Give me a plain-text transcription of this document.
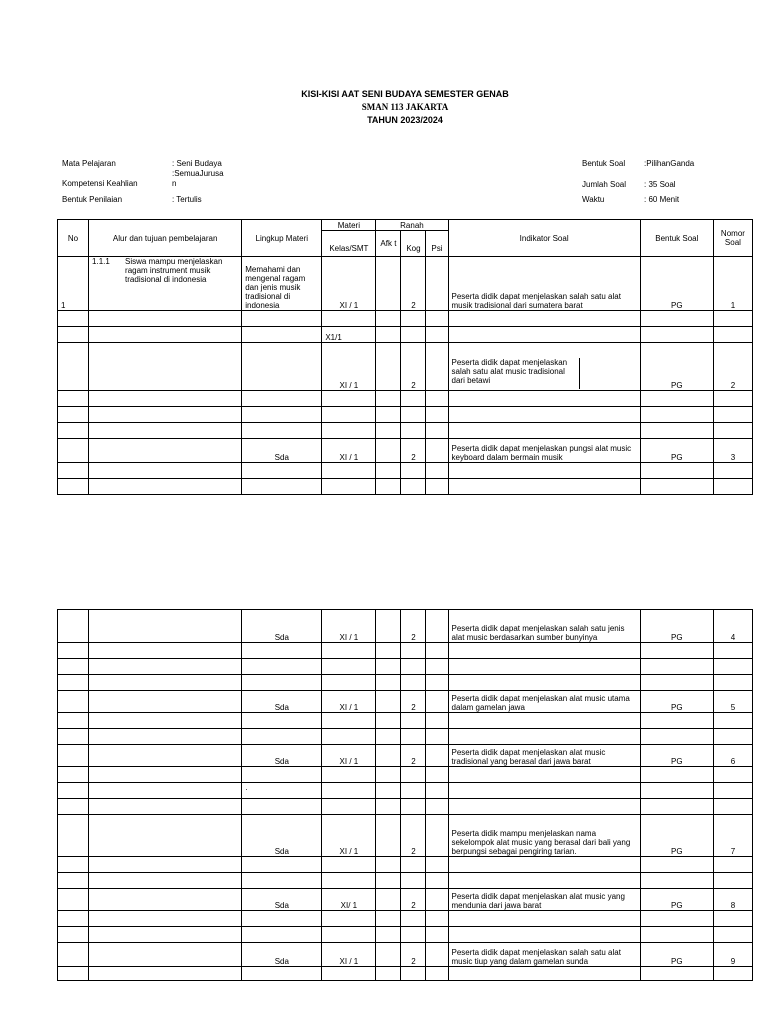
KISI-KISI AAT SENI BUDAYA SEMESTER GENAB
SMAN 113 JAKARTA
TAHUN 2023/2024
Mata Pelajaran	: Seni Budaya
:SemuaJurusa
Kompetensi Keahlian	n
Bentuk Penilaian	: Tertulis
Bentuk Soal :PilihanGanda
Jumlah Soal : 35 Soal
Waktu	: 60 Menit
No	Alur dan tujuan pembelajaran	Lingkup Materi	Materi	Ranah			Indikator Soal	Bentuk Soal	Nomor Soal
			Kelas/SMT	Afk t	Kog	Psi			
1	1.1.1 Siswa mampu menjelaskan ragam instrument musik tradisional di indonesia	Memahami dan mengenal ragam dan jenis musik tradisional di indonesia	XI / 1		2		Peserta didik dapat menjelaskan salah satu alat musik tradisional dari sumatera barat	PG	1

			X1/1						
			XI / 1		2		Peserta didik dapat menjelaskan salah satu alat music tradisional dari betawi	PG	2

		Sda	XI / 1		2		Peserta didik dapat menjelaskan pungsi alat music keyboard dalam bermain musik	PG	3

		Sda	XI / 1		2		Peserta didik dapat menjelaskan salah satu jenis alat music berdasarkan sumber bunyinya	PG	4

		Sda	XI / 1		2		Peserta didik dapat menjelaskan alat music utama dalam gamelan jawa	PG	5

		Sda	XI / 1		2		Peserta didik dapat menjelaskan alat music tradisional yang berasal dari jawa barat	PG	6

		.							

		Sda	XI / 1		2		Peserta didik mampu menjelaskan nama sekelompok alat music yang berasal dari bali yang berpungsi sebagai pengiring tarian.	PG	7

		Sda	XI/ 1		2		Peserta didik dapat menjelaskan alat music yang mendunia dari jawa barat	PG	8

		Sda	XI / 1		2		Peserta didik dapat menjelaskan salah satu alat music tiup yang dalam gamelan sunda	PG	9
